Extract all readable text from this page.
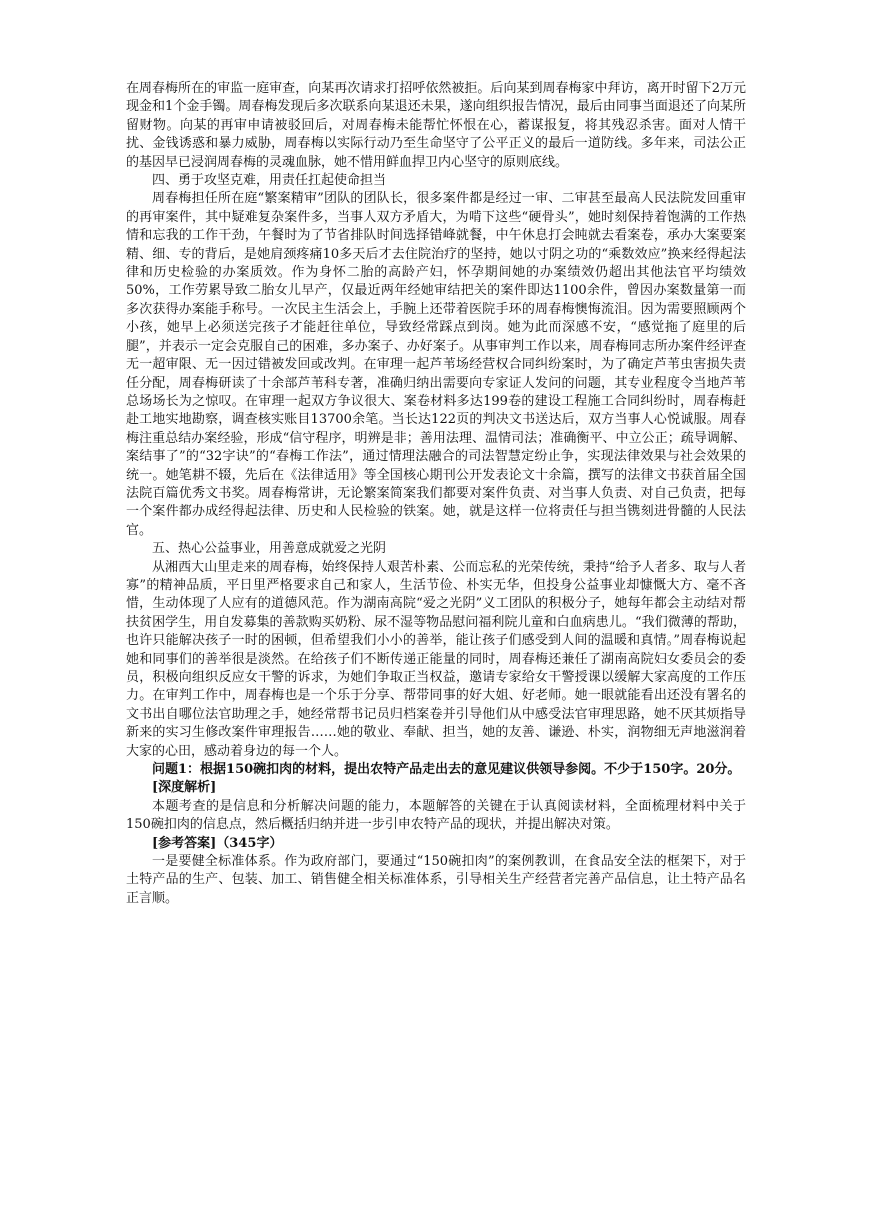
在周春梅所在的审监一庭审查，向某再次请求打招呼依然被拒。后向某到周春梅家中拜访，离开时留下2万元现金和1个金手镯。周春梅发现后多次联系向某退还未果，遂向组织报告情况，最后由同事当面退还了向某所留财物。向某的再审申请被驳回后，对周春梅未能帮忙怀恨在心，蓄谋报复，将其残忍杀害。面对人情干扰、金钱诱惑和暴力威胁，周春梅以实际行动乃至生命坚守了公平正义的最后一道防线。多年来，司法公正的基因早已浸润周春梅的灵魂血脉，她不惜用鲜血捍卫内心坚守的原则底线。

四、勇于攻坚克难，用责任扛起使命担当

周春梅担任所在庭“繁案精审”团队的团队长，很多案件都是经过一审、二审甚至最高人民法院发回重审的再审案件，其中疑难复杂案件多，当事人双方矛盾大，为啃下这些“硬骨头”，她时刻保持着饱满的工作热情和忘我的工作干劲，午餐时为了节省排队时间选择错峰就餐，中午休息打会盹就去看案卷，承办大案要案精、细、专的背后，是她肩颈疼痛10多天后才去住院治疗的坚持，她以寸阴之功的“乘数效应”换来经得起法律和历史检验的办案质效。作为身怀二胎的高龄产妇，怀孕期间她的办案绩效仍超出其他法官平均绩效50%，工作劳累导致二胎女儿早产，仅最近两年经她审结把关的案件即达1100余件，曾因办案数量第一而多次获得办案能手称号。一次民主生活会上，手腕上还带着医院手环的周春梅懊悔流泪。因为需要照顾两个小孩，她早上必须送完孩子才能赶往单位，导致经常踩点到岗。她为此而深感不安，“感觉拖了庭里的后腿”，并表示一定会克服自己的困难，多办案子、办好案子。从事审判工作以来，周春梅同志所办案件经评查无一超审限、无一因过错被发回或改判。在审理一起芦苇场经营权合同纠纷案时，为了确定芦苇虫害损失责任分配，周春梅研读了十余部芦苇科专著，准确归纳出需要向专家证人发问的问题，其专业程度令当地芦苇总场场长为之惊叹。在审理一起双方争议很大、案卷材料多达199卷的建设工程施工合同纠纷时，周春梅赶赴工地实地勘察，调查核实账目13700余笔。当长达122页的判决文书送达后，双方当事人心悦诚服。周春梅注重总结办案经验，形成“信守程序，明辨是非；善用法理、温情司法；准确衡平、中立公正；疏导调解、案结事了”的“32字诀”的“春梅工作法”，通过情理法融合的司法智慧定纷止争，实现法律效果与社会效果的统一。她笔耕不辍，先后在《法律适用》等全国核心期刊公开发表论文十余篇，撰写的法律文书获首届全国法院百篇优秀文书奖。周春梅常讲，无论繁案简案我们都要对案件负责、对当事人负责、对自己负责，把每一个案件都办成经得起法律、历史和人民检验的铁案。她，就是这样一位将责任与担当镌刻进骨髓的人民法官。

五、热心公益事业，用善意成就爱之光阴

从湘西大山里走来的周春梅，始终保持人艰苦朴素、公而忘私的光荣传统，秉持“给予人者多、取与人者寡”的精神品质，平日里严格要求自己和家人，生活节俭、朴实无华，但投身公益事业却慷慨大方、毫不吝惜，生动体现了人应有的道德风范。作为湖南高院“爱之光阴”义工团队的积极分子，她每年都会主动结对帮扶贫困学生，用自发募集的善款购买奶粉、尿不湿等物品慰问福利院儿童和白血病患儿。“我们微薄的帮助，也许只能解决孩子一时的困顿，但希望我们小小的善举，能让孩子们感受到人间的温暖和真情。”周春梅说起她和同事们的善举很是淡然。在给孩子们不断传递正能量的同时，周春梅还兼任了湖南高院妇女委员会的委员，积极向组织反应女干警的诉求，为她们争取正当权益，邀请专家给女干警授课以缓解大家高度的工作压力。在审判工作中，周春梅也是一个乐于分享、帮带同事的好大姐、好老师。她一眼就能看出还没有署名的文书出自哪位法官助理之手，她经常帮书记员归档案卷并引导他们从中感受法官审理思路，她不厌其烦指导新来的实习生修改案件审理报告……她的敬业、奉献、担当，她的友善、谦逊、朴实，润物细无声地滋润着大家的心田，感动着身边的每一个人。

问题1：根据150碗扣肉的材料，提出农特产品走出去的意见建议供领导参阅。不少于150字。20分。

[深度解析]

本题考查的是信息和分析解决问题的能力，本题解答的关键在于认真阅读材料，全面梳理材料中关于150碗扣肉的信息点，然后概括归纳并进一步引申农特产品的现状，并提出解决对策。

[参考答案]（345字）

一是要健全标准体系。作为政府部门，要通过“150碗扣肉”的案例教训，在食品安全法的框架下，对于土特产品的生产、包装、加工、销售健全相关标准体系，引导相关生产经营者完善产品信息，让土特产品名正言顺。
